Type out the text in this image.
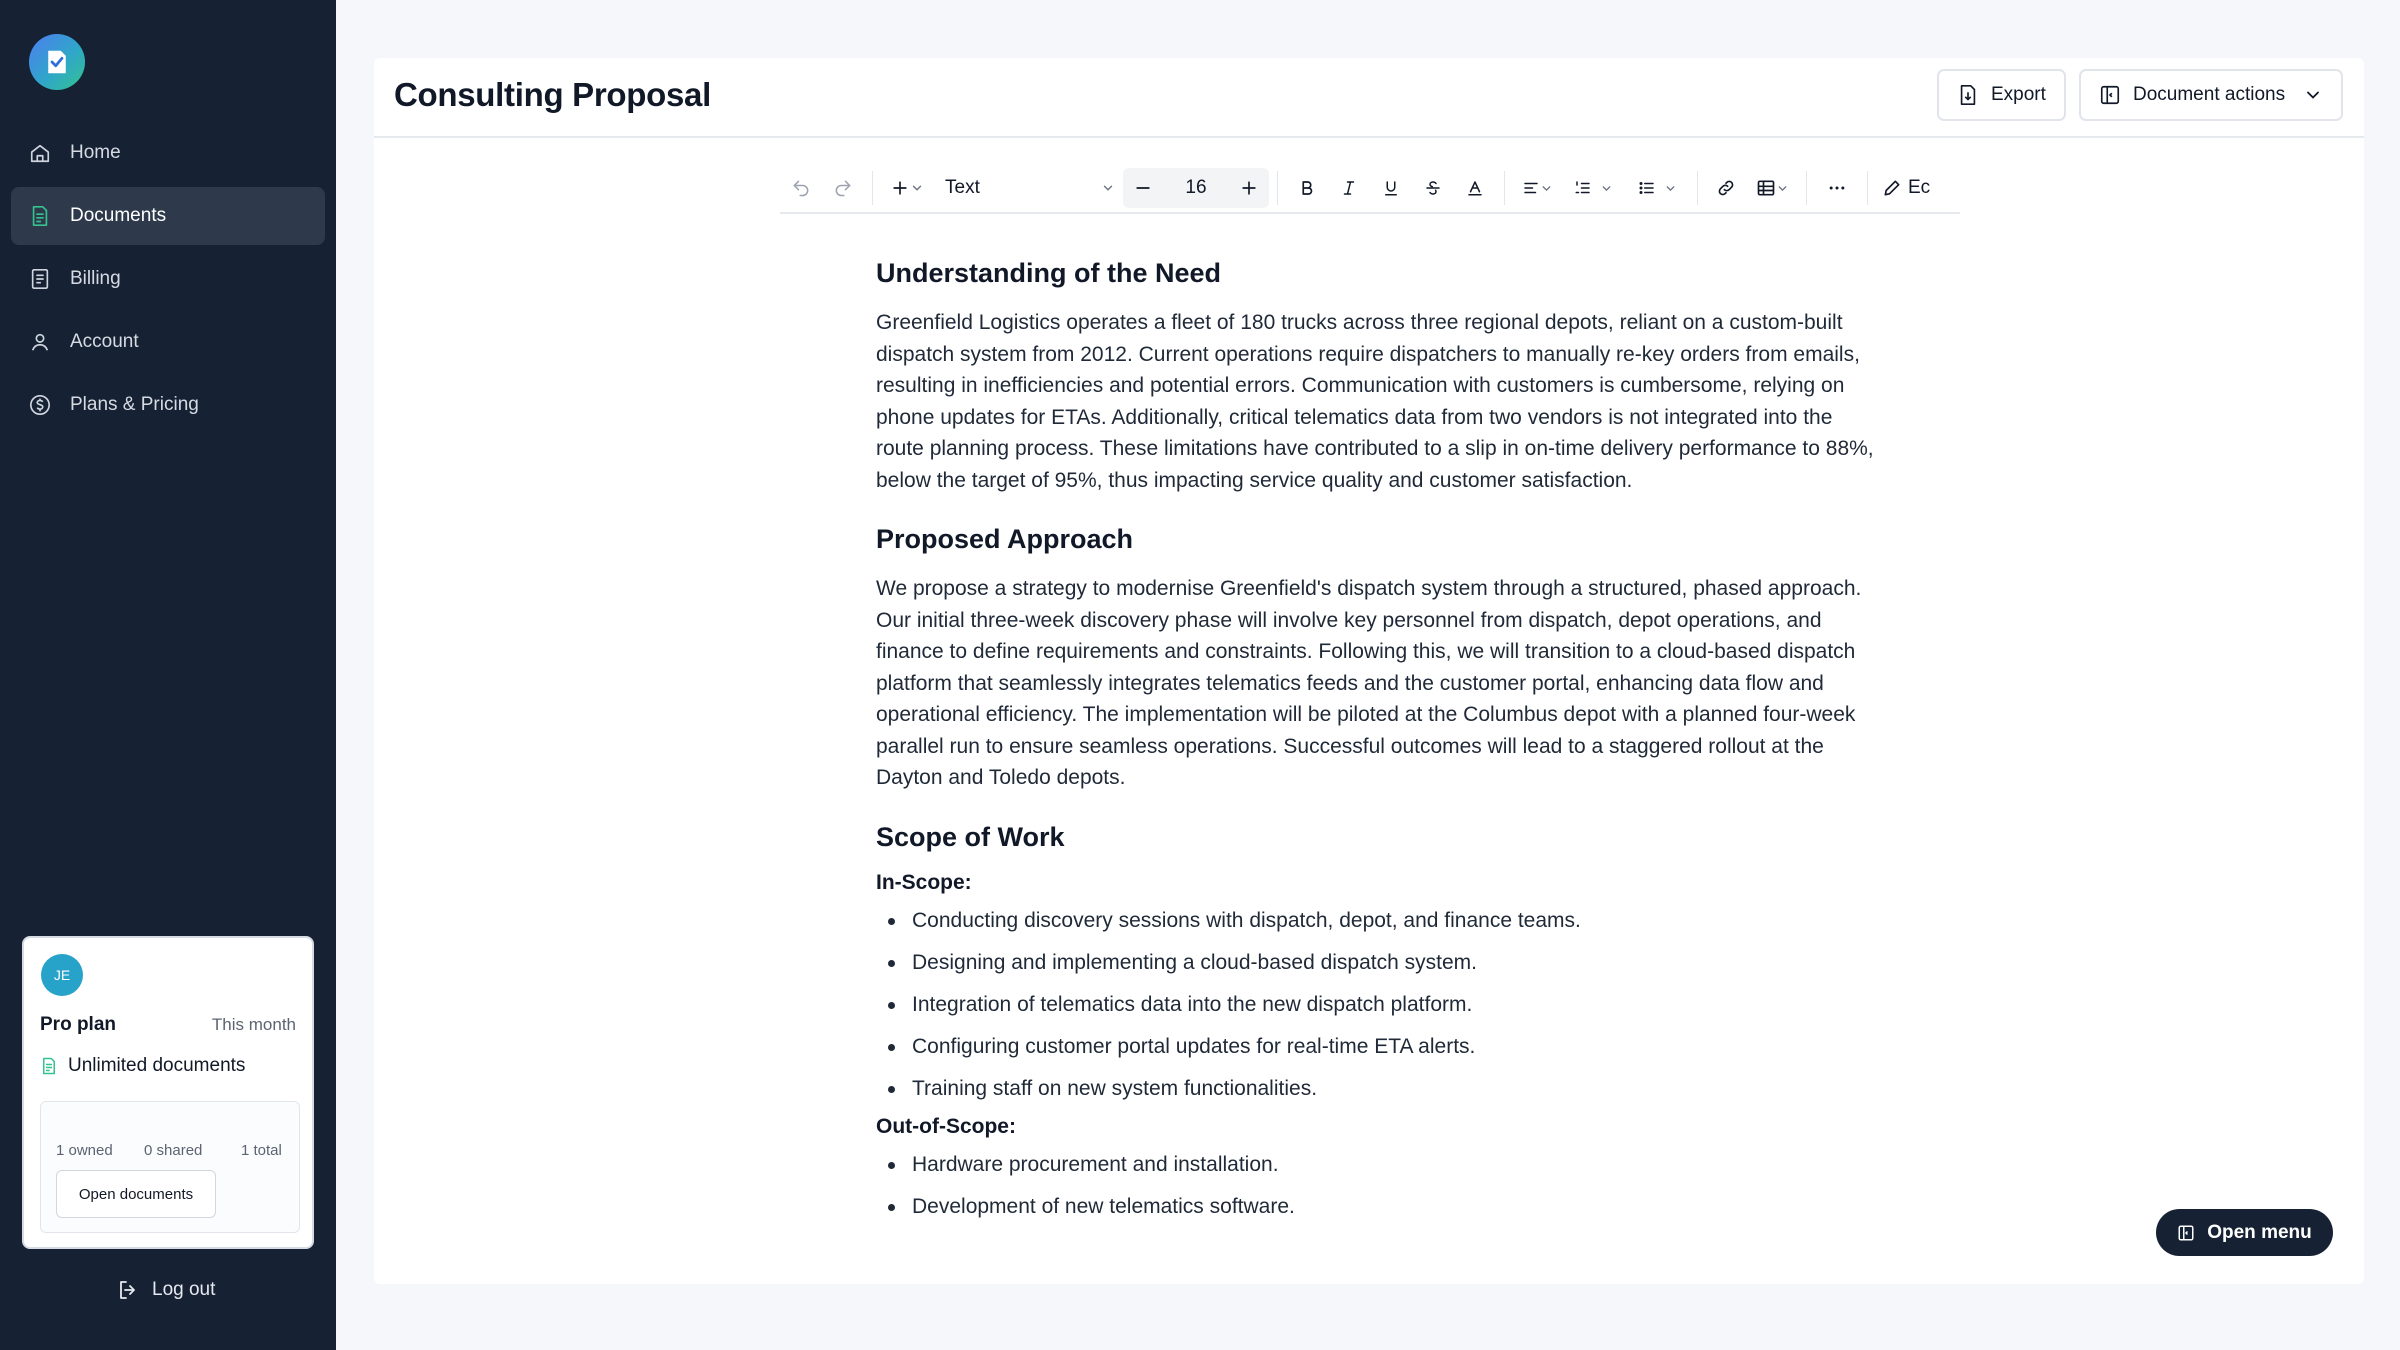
Home
Documents
Billing
Account
Plans & Pricing
JE
Pro plan	This month
Unlimited documents
1 owned 0 shared	1 total
Open documents
Log out
Consulting Proposal	Export	Document actions
Text	16	Ec
Understanding of the Need

Greenfield Logistics operates a fleet of 180 trucks across three regional depots, reliant on a custom-built dispatch system from 2012. Current operations require dispatchers to manually re-key orders from emails, resulting in inefficiencies and potential errors. Communication with customers is cumbersome, relying on phone updates for ETAs. Additionally, critical telematics data from two vendors is not integrated into the route planning process. These limitations have contributed to a slip in on-time delivery performance to 88%, below the target of 95%, thus impacting service quality and customer satisfaction.

Proposed Approach

We propose a strategy to modernise Greenfield's dispatch system through a structured, phased approach. Our initial three-week discovery phase will involve key personnel from dispatch, depot operations, and finance to define requirements and constraints. Following this, we will transition to a cloud-based dispatch platform that seamlessly integrates telematics feeds and the customer portal, enhancing data flow and operational efficiency. The implementation will be piloted at the Columbus depot with a planned four-week parallel run to ensure seamless operations. Successful outcomes will lead to a staggered rollout at the Dayton and Toledo depots.

Scope of Work
In-Scope:
Conducting discovery sessions with dispatch, depot, and finance teams.
Designing and implementing a cloud-based dispatch system.
Integration of telematics data into the new dispatch platform.
Configuring customer portal updates for real-time ETA alerts.
Training staff on new system functionalities.
Out-of-Scope:
Hardware procurement and installation.
Development of new telematics software.
Open menu
